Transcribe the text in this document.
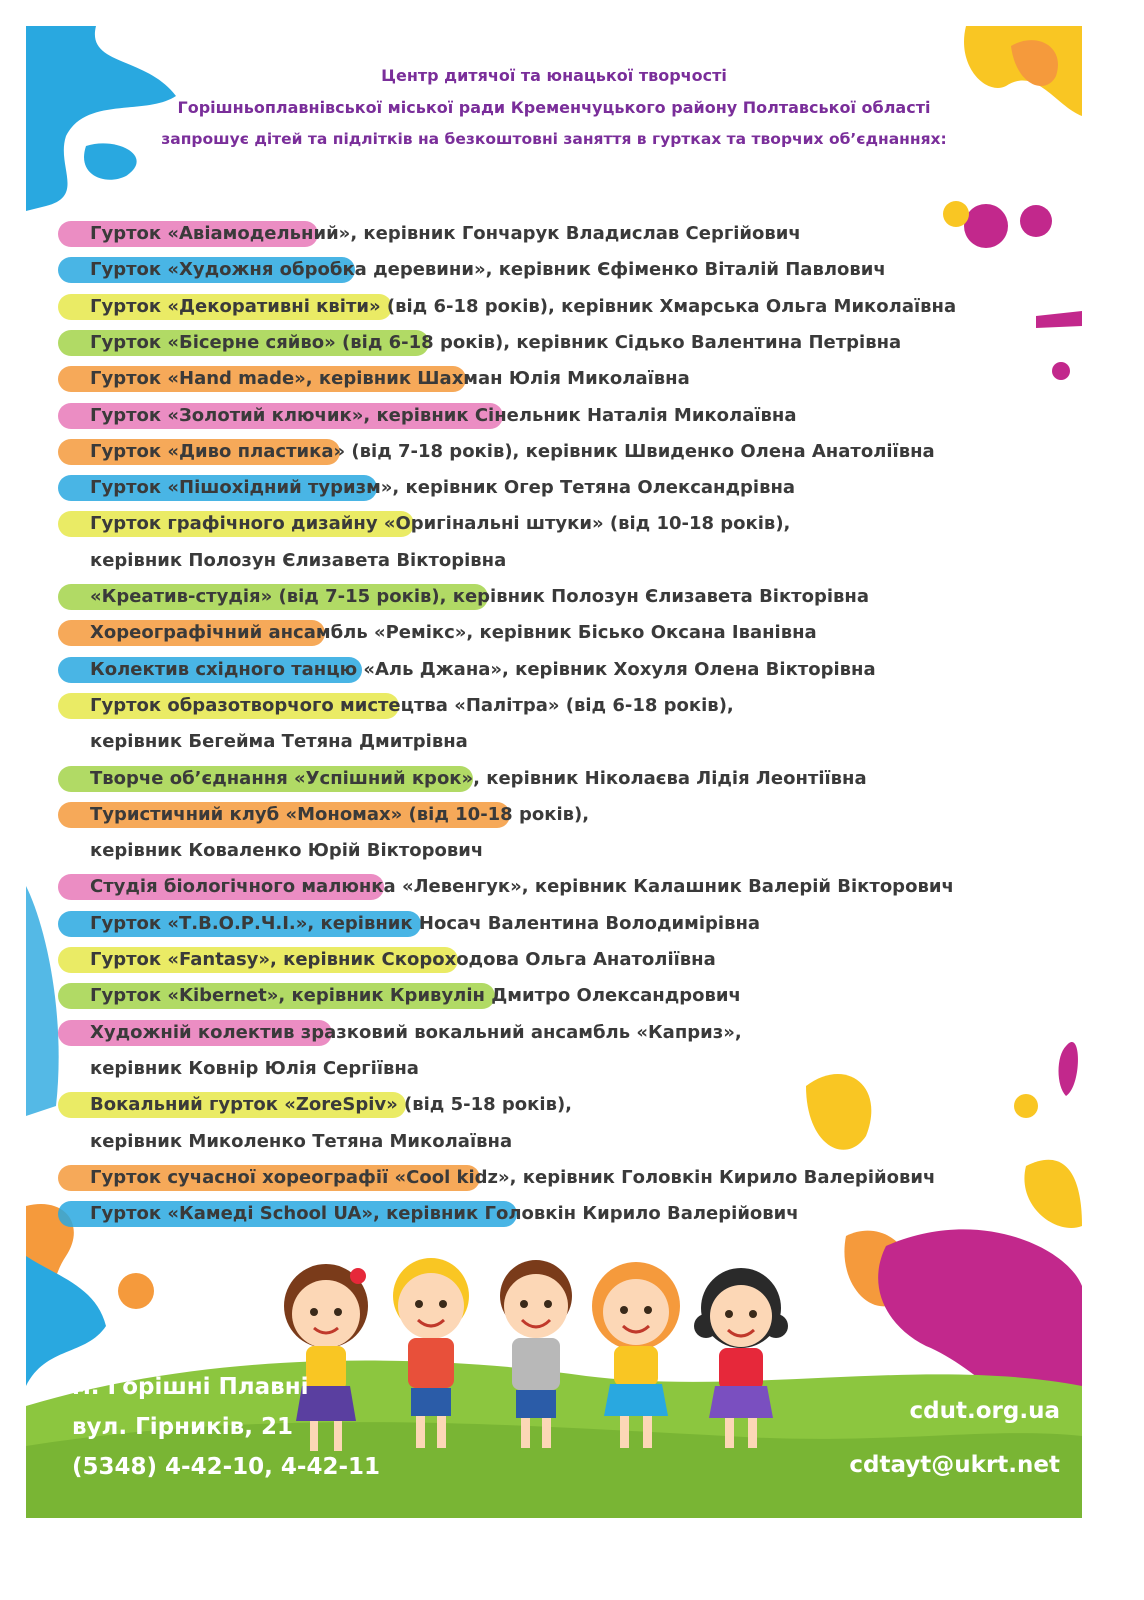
Центр дитячої та юнацької творчості
Горішньоплавнівської міської ради Кременчуцького району Полтавської області
запрошує дітей та підлітків на безкоштовні заняття в гуртках та творчих об’єднаннях:
Гурток «Авіамодельний», керівник Гончарук Владислав Сергійович
Гурток «Художня обробка деревини», керівник Єфіменко Віталій Павлович
Гурток «Декоративні квіти» (від 6-18 років), керівник Хмарська Ольга Миколаївна
Гурток «Бісерне сяйво» (від 6-18 років), керівник Сідько Валентина Петрівна
Гурток «Hand made», керівник Шахман Юлія Миколаївна
Гурток «Золотий ключик», керівник Сінельник Наталія Миколаївна
Гурток «Диво пластика» (від 7-18 років), керівник Швиденко Олена Анатоліївна
Гурток «Пішохідний туризм», керівник Огер Тетяна Олександрівна
Гурток графічного дизайну «Оригінальні штуки» (від 10-18 років),
керівник Полозун Єлизавета Вікторівна
«Креатив-студія» (від 7-15 років), керівник Полозун Єлизавета Вікторівна
Хореографічний ансамбль «Ремікс», керівник Бісько Оксана Іванівна
Колектив східного танцю «Аль Джана», керівник Хохуля Олена Вікторівна
Гурток образотворчого мистецтва «Палітра» (від 6-18 років),
керівник Бегейма Тетяна Дмитрівна
Творче об’єднання «Успішний крок», керівник Ніколаєва Лідія Леонтіївна
Туристичний клуб «Мономах» (від 10-18 років),
керівник Коваленко Юрій Вікторович
Студія біологічного малюнка «Левенгук», керівник Калашник Валерій Вікторович
Гурток «Т.В.О.Р.Ч.І.», керівник Носач Валентина Володимірівна
Гурток «Fantasy», керівник Скороходова Ольга Анатоліївна
Гурток «Kibernet», керівник Кривулін Дмитро Олександрович
Художній колектив зразковий вокальний ансамбль «Каприз»,
керівник Ковнір Юлія Сергіївна
Вокальний гурток «ZoreSpiv» (від 5-18 років),
керівник Миколенко Тетяна Миколаївна
Гурток сучасної хореографії «Cool kidz», керівник Головкін Кирило Валерійович
Гурток «Камеді School UA», керівник Головкін Кирило Валерійович
м. Горішні Плавні
вул. Гірників, 21
(5348) 4-42-10, 4-42-11
cdut.org.ua
cdtayt@ukrt.net
